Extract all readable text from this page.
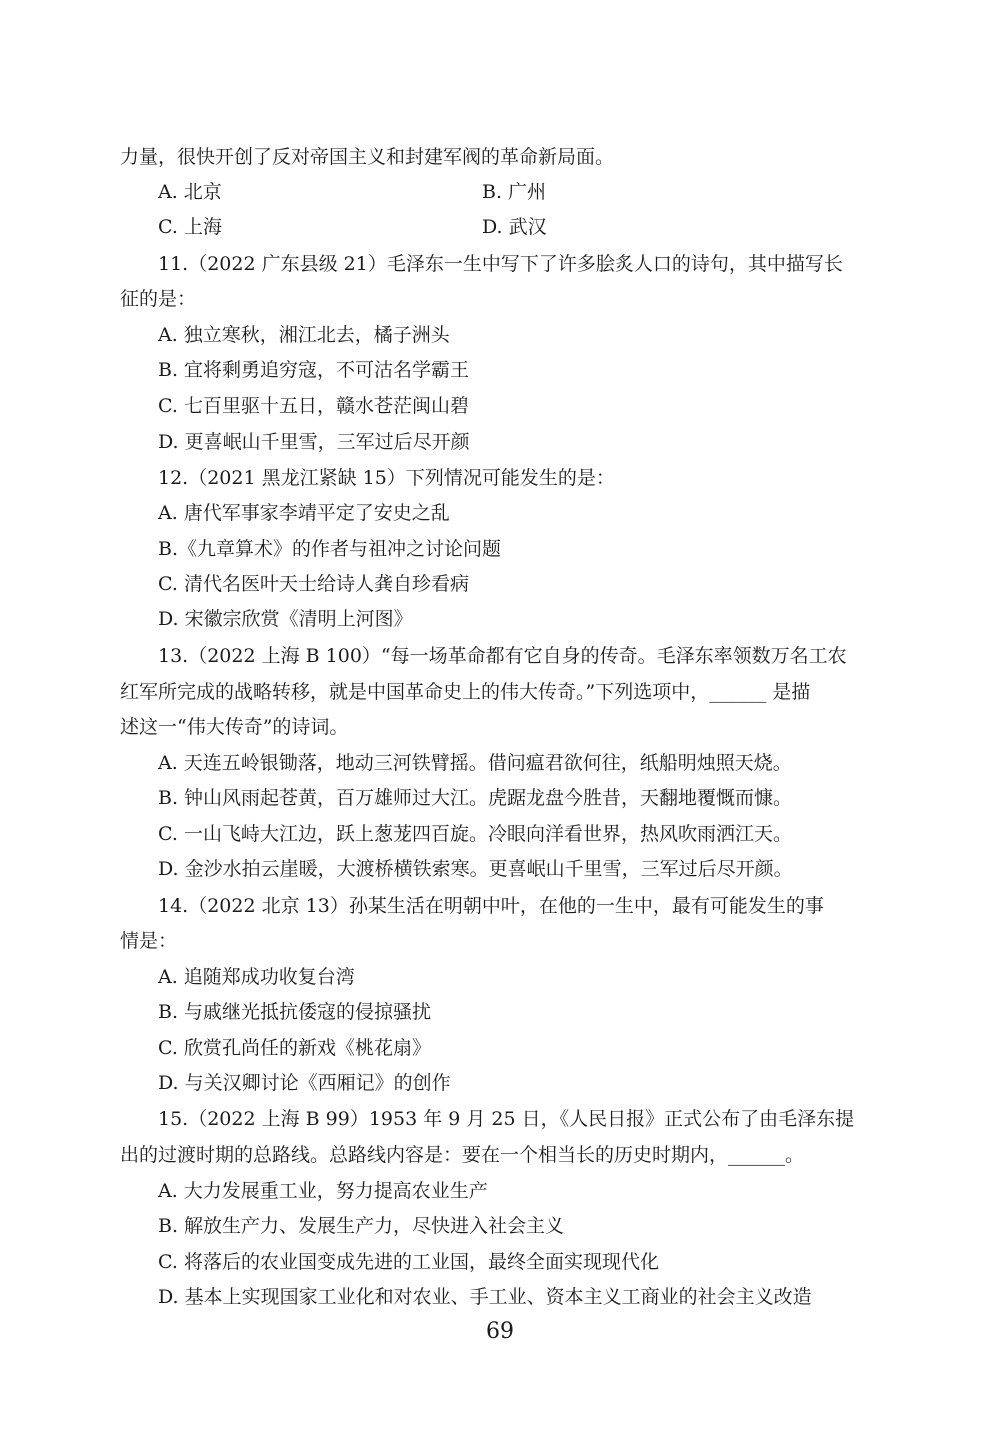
力量，很快开创了反对帝国主义和封建军阀的革命新局面。
A. 北京	B. 广州
C. 上海	D. 武汉
11.（2022 广东县级 21）毛泽东一生中写下了许多脍炙人口的诗句，其中描写长
征的是：
A. 独立寒秋，湘江北去，橘子洲头
B. 宜将剩勇追穷寇，不可沽名学霸王
C. 七百里驱十五日，赣水苍茫闽山碧
D. 更喜岷山千里雪，三军过后尽开颜
12.（2021 黑龙江紧缺 15）下列情况可能发生的是：
A. 唐代军事家李靖平定了安史之乱
B.《九章算术》的作者与祖冲之讨论问题
C. 清代名医叶天士给诗人龚自珍看病
D. 宋徽宗欣赏《清明上河图》
13.（2022 上海 B 100）“每一场革命都有它自身的传奇。毛泽东率领数万名工农
红军所完成的战略转移，就是中国革命史上的伟大传奇。”下列选项中，______ 是描
述这一“伟大传奇”的诗词。
A. 天连五岭银锄落，地动三河铁臂摇。借问瘟君欲何往，纸船明烛照天烧。
B. 钟山风雨起苍黄，百万雄师过大江。虎踞龙盘今胜昔，天翻地覆慨而慷。
C. 一山飞峙大江边，跃上葱茏四百旋。冷眼向洋看世界，热风吹雨洒江天。
D. 金沙水拍云崖暖，大渡桥横铁索寒。更喜岷山千里雪，三军过后尽开颜。
14.（2022 北京 13）孙某生活在明朝中叶，在他的一生中，最有可能发生的事
情是：
A. 追随郑成功收复台湾
B. 与戚继光抵抗倭寇的侵掠骚扰
C. 欣赏孔尚任的新戏《桃花扇》
D. 与关汉卿讨论《西厢记》的创作
15.（2022 上海 B 99）1953 年 9 月 25 日，《人民日报》正式公布了由毛泽东提
出的过渡时期的总路线。总路线内容是：要在一个相当长的历史时期内，______。
A. 大力发展重工业，努力提高农业生产
B. 解放生产力、发展生产力，尽快进入社会主义
C. 将落后的农业国变成先进的工业国，最终全面实现现代化
D. 基本上实现国家工业化和对农业、手工业、资本主义工商业的社会主义改造
69
